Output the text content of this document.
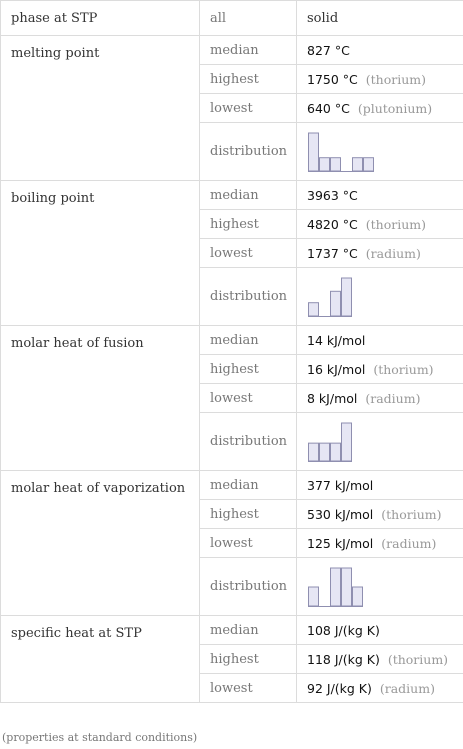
phase at STP	all	solid
melting point	median	827 °C
	highest	1750 °C (thorium)
	lowest	640 °C (plutonium)
	distribution	

boiling point	median	3963 °C
	highest	4820 °C (thorium)
	lowest	1737 °C (radium)
	distribution	

molar heat of fusion	median	14 kJ/mol
	highest	16 kJ/mol (thorium)
	lowest	8 kJ/mol (radium)
	distribution	

molar heat of vaporization	median	377 kJ/mol
	highest	530 kJ/mol (thorium)
	lowest	125 kJ/mol (radium)
	distribution	

specific heat at STP	median	108 J/(kg K)
	highest	118 J/(kg K) (thorium)
	lowest	92 J/(kg K) (radium)
(properties at standard conditions)
